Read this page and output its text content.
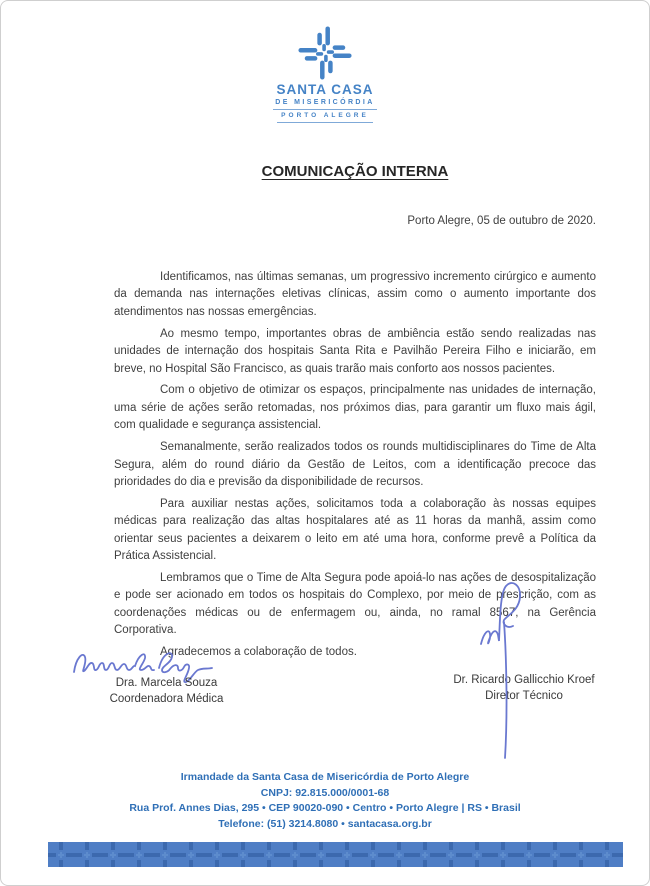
SANTA CASA
DE MISERICÓRDIA
PORTO ALEGRE
COMUNICAÇÃO INTERNA
Porto Alegre, 05 de outubro de 2020.

Identificamos, nas últimas semanas, um progressivo incremento cirúrgico e aumento da demanda nas internações eletivas clínicas, assim como o aumento importante dos atendimentos nas nossas emergências.

Ao mesmo tempo, importantes obras de ambiência estão sendo realizadas nas unidades de internação dos hospitais Santa Rita e Pavilhão Pereira Filho e iniciarão, em breve, no Hospital São Francisco, as quais trarão mais conforto aos nossos pacientes.

Com o objetivo de otimizar os espaços, principalmente nas unidades de internação, uma série de ações serão retomadas, nos próximos dias, para garantir um fluxo mais ágil, com qualidade e segurança assistencial.

Semanalmente, serão realizados todos os rounds multidisciplinares do Time de Alta Segura, além do round diário da Gestão de Leitos, com a identificação precoce das prioridades do dia e previsão da disponibilidade de recursos.

Para auxiliar nestas ações, solicitamos toda a colaboração às nossas equipes médicas para realização das altas hospitalares até as 11 horas da manhã, assim como orientar seus pacientes a deixarem o leito em até uma hora, conforme prevê a Política da Prática Assistencial.

Lembramos que o Time de Alta Segura pode apoiá-lo nas ações de desospitalização e pode ser acionado em todos os hospitais do Complexo, por meio de prescrição, com as coordenações médicas ou de enfermagem ou, ainda, no ramal 8567, na Gerência Corporativa.

Agradecemos a colaboração de todos.

Dra. Marcela Souza
Coordenadora Médica
Dr. Ricardo Gallicchio Kroef
Diretor Técnico
Irmandade da Santa Casa de Misericórdia de Porto Alegre
CNPJ: 92.815.000/0001-68
Rua Prof. Annes Dias, 295 • CEP 90020-090 • Centro • Porto Alegre | RS • Brasil
Telefone: (51) 3214.8080 • santacasa.org.br
